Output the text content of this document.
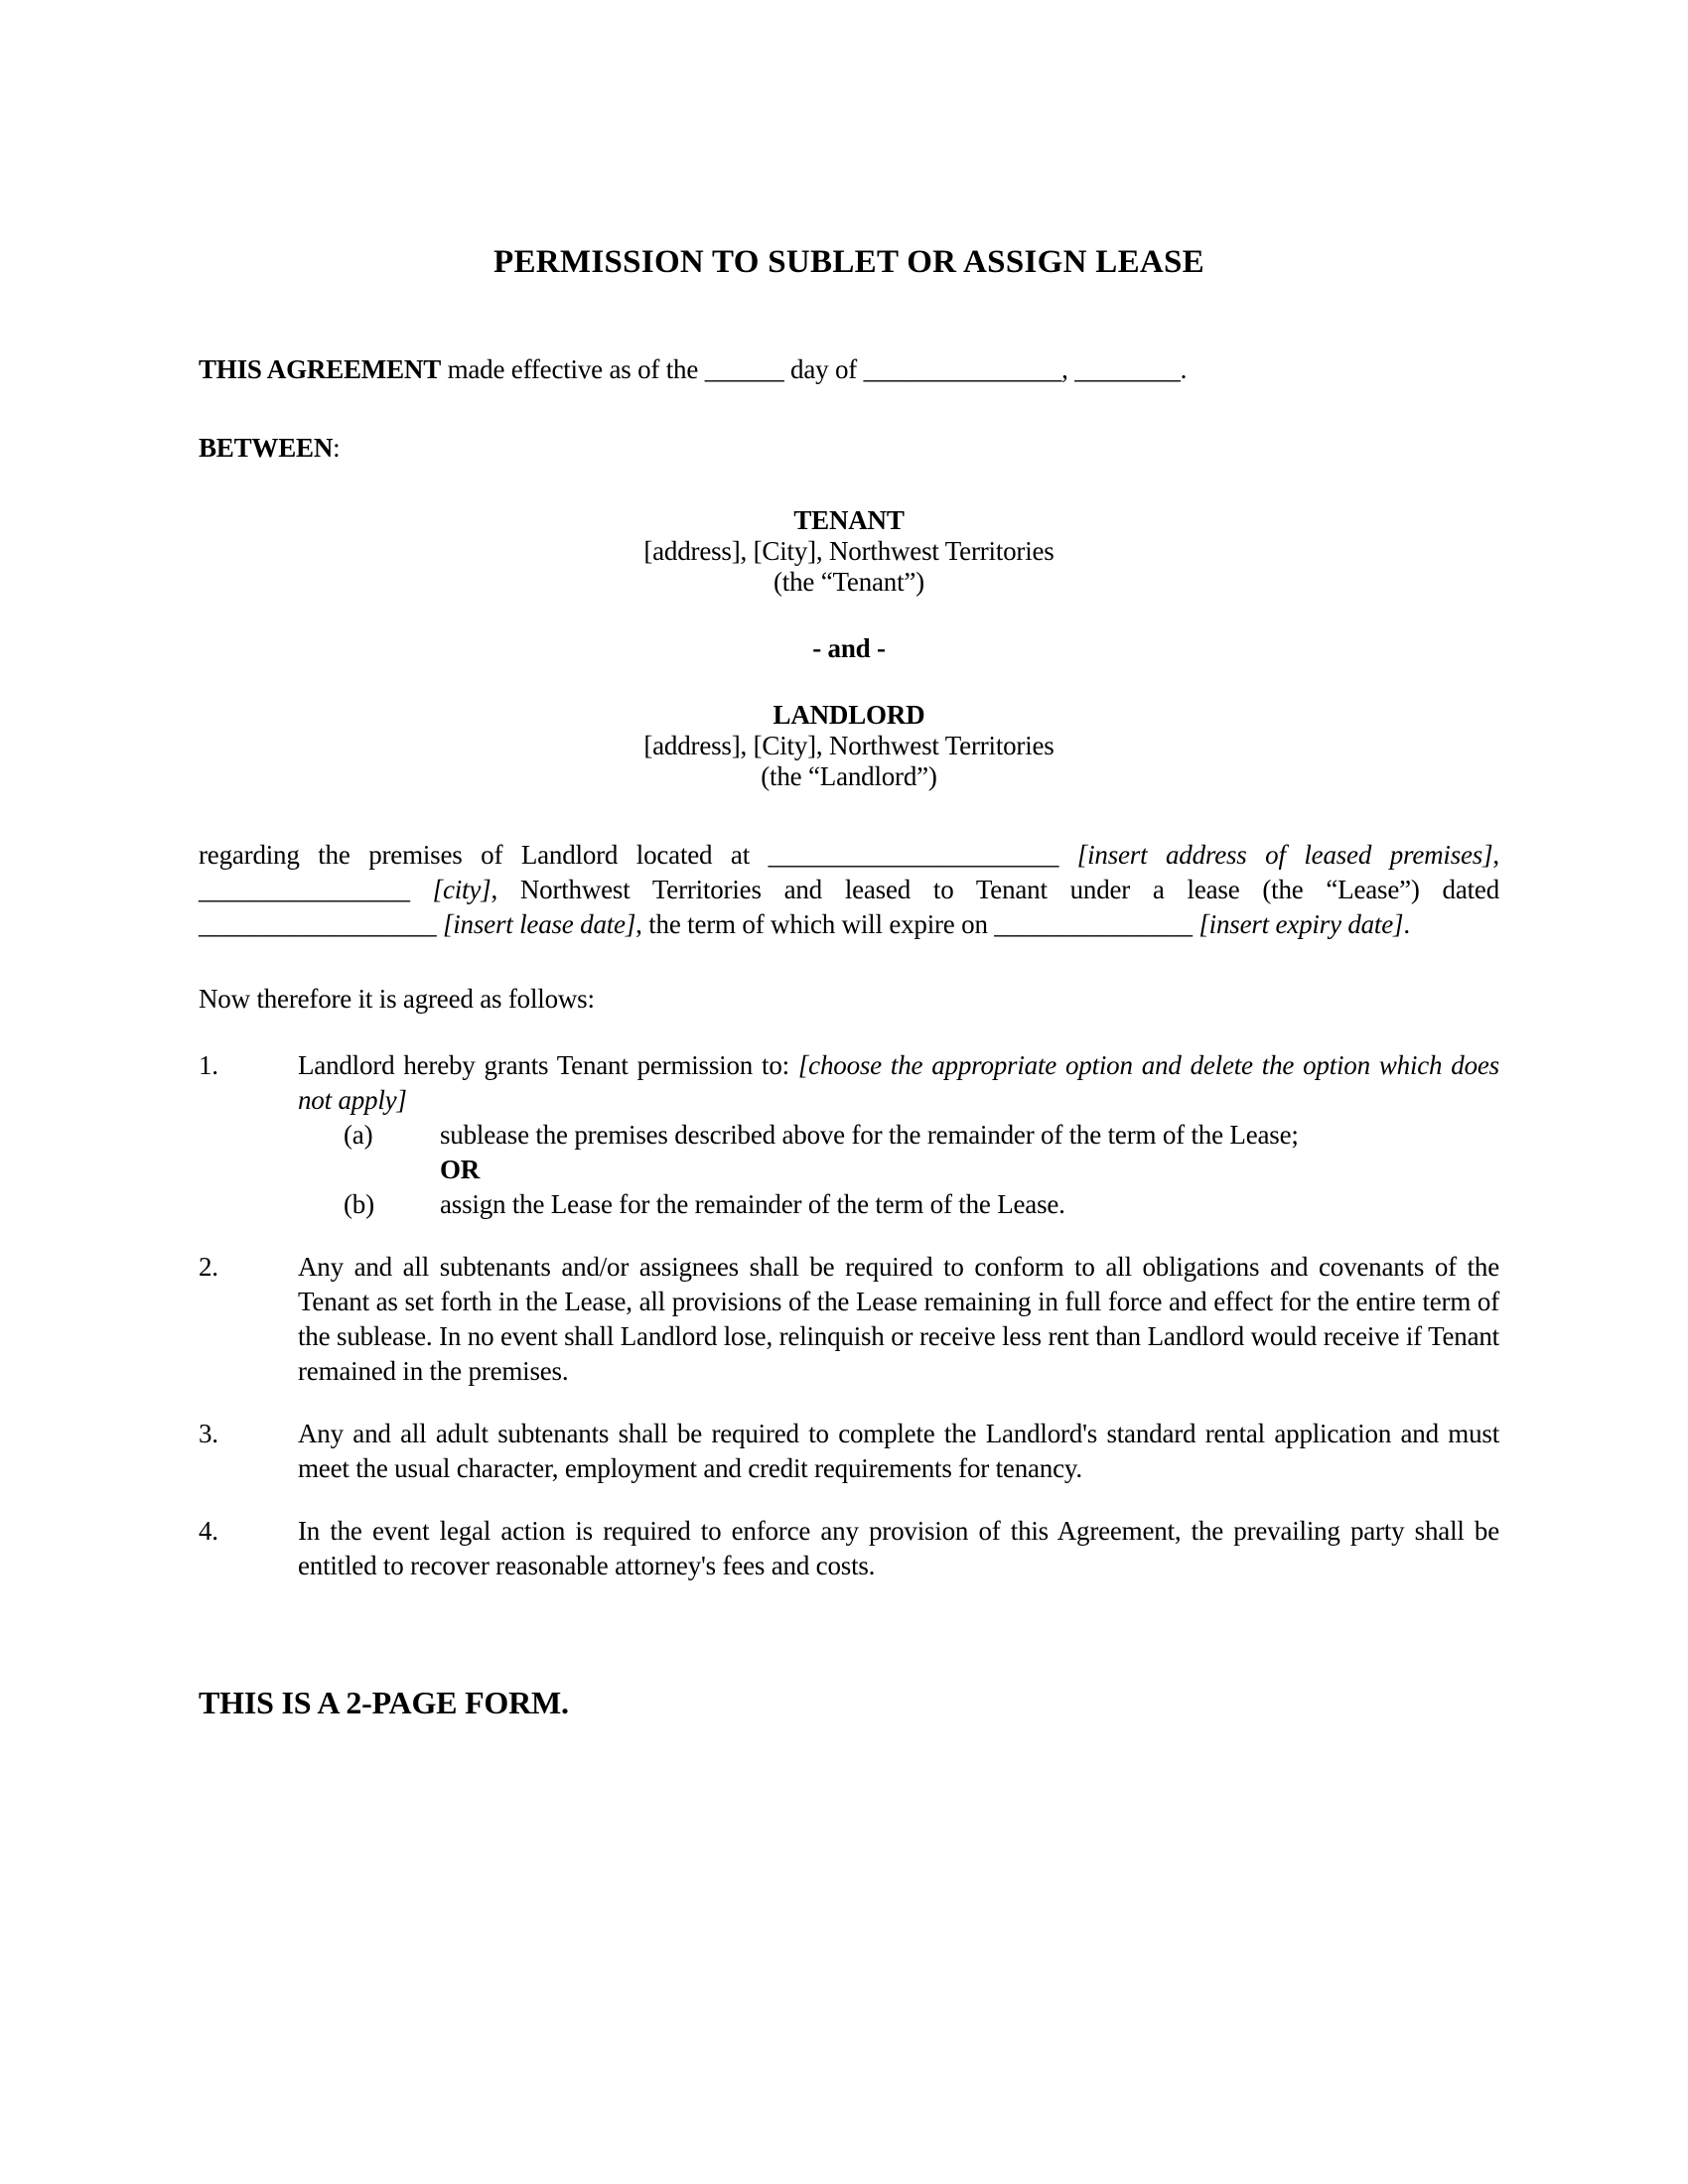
PERMISSION TO SUBLET OR ASSIGN LEASE

THIS AGREEMENT made effective as of the ______ day of _______________, ________.

BETWEEN:

TENANT
[address], [City], Northwest Territories
(the “Tenant”)
- and -
LANDLORD
[address], [City], Northwest Territories
(the “Landlord”)

regarding the premises of Landlord located at ______________________ [insert address of leased premises], ________________ [city], Northwest Territories and leased to Tenant under a lease (the “Lease”) dated __________________ [insert lease date], the term of which will expire on _______________ [insert expiry date].

Now therefore it is agreed as follows:

1.	Landlord hereby grants Tenant permission to: [choose the appropriate option and delete the option which does not apply]
(a)	sublease the premises described above for the remainder of the term of the Lease;
OR
(b)	assign the Lease for the remainder of the term of the Lease.
2.	Any and all subtenants and/or assignees shall be required to conform to all obligations and covenants of the Tenant as set forth in the Lease, all provisions of the Lease remaining in full force and effect for the entire term of the sublease. In no event shall Landlord lose, relinquish or receive less rent than Landlord would receive if Tenant remained in the premises.
3.	Any and all adult subtenants shall be required to complete the Landlord's standard rental application and must meet the usual character, employment and credit requirements for tenancy.
4.	In the event legal action is required to enforce any provision of this Agreement, the prevailing party shall be entitled to recover reasonable attorney's fees and costs.

THIS IS A 2-PAGE FORM.
